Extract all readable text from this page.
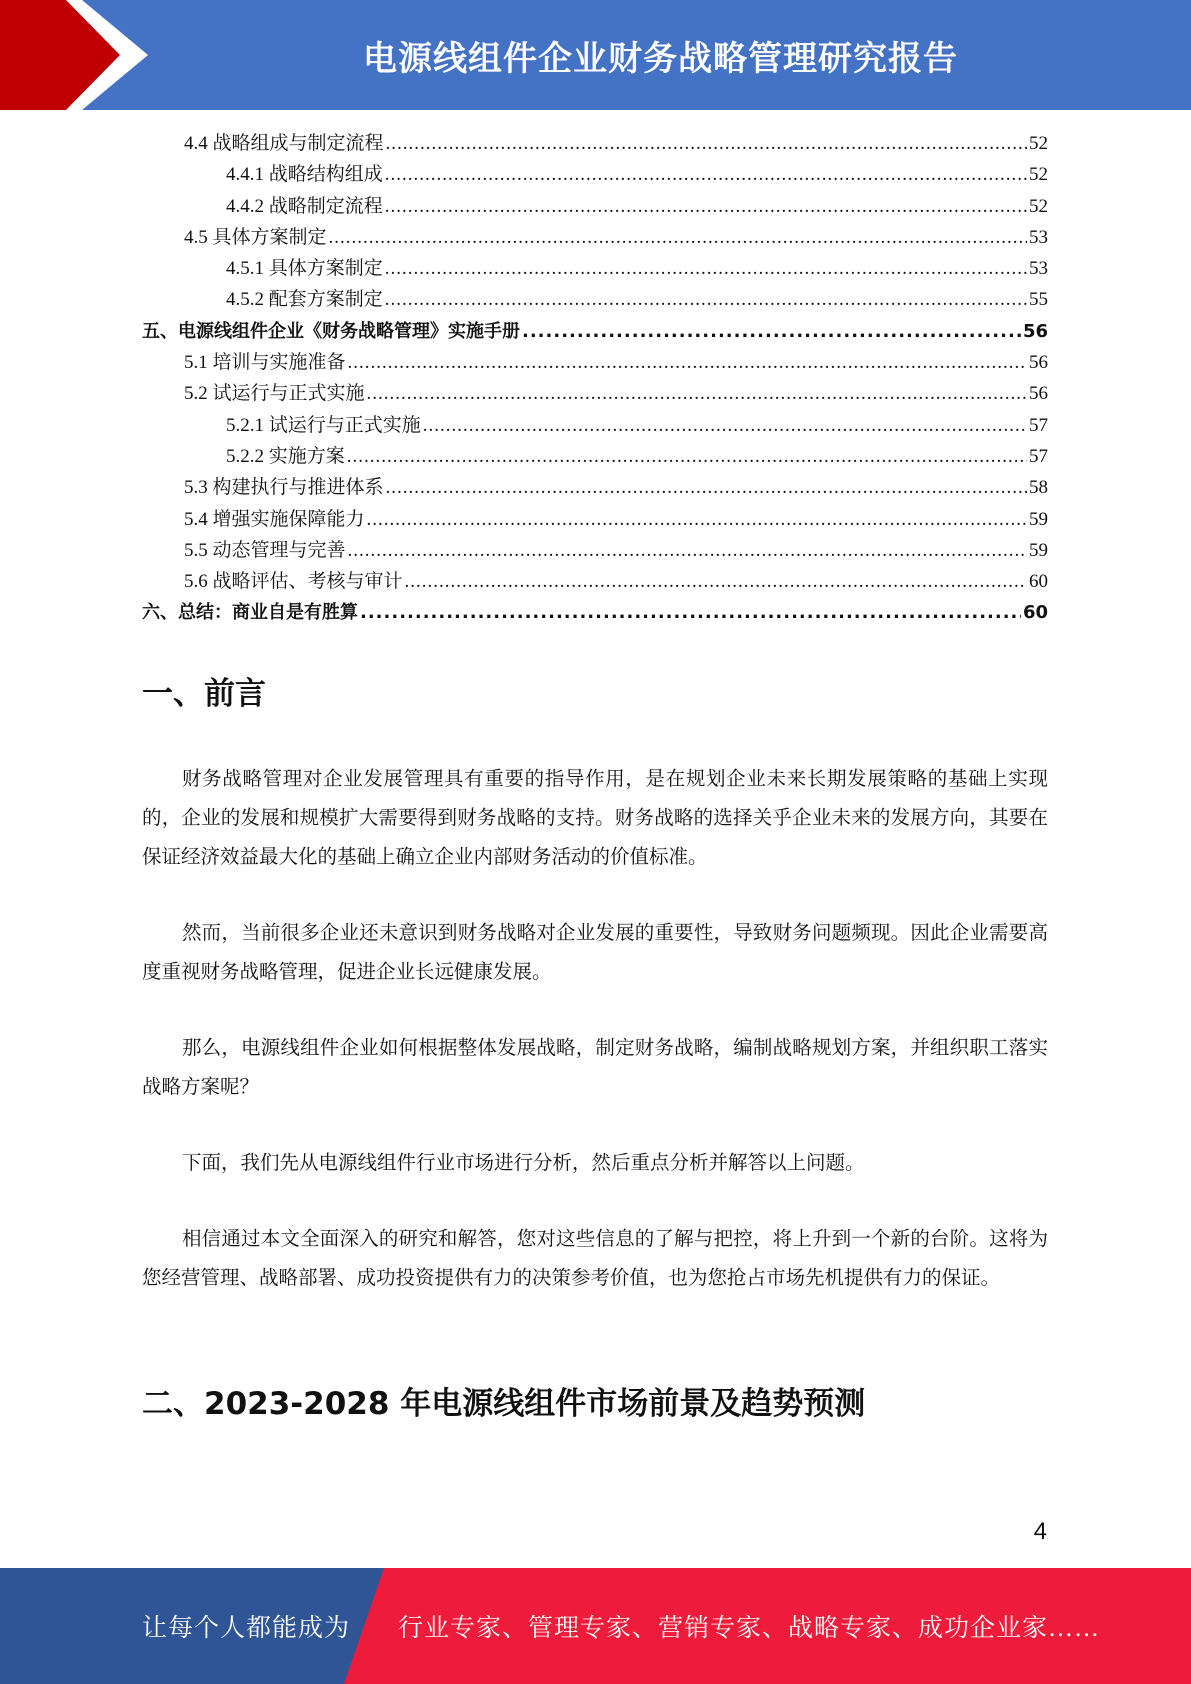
电源线组件企业财务战略管理研究报告
4.4 战略组成与制定流程 .....	52
4.4.1 战略结构组成 .....	52
4.4.2 战略制定流程 .....	52
4.5 具体方案制定 .....	53
4.5.1 具体方案制定 .....	53
4.5.2 配套方案制定 .....	55
五、电源线组件企业《财务战略管理》实施手册 .....	56
5.1 培训与实施准备 .....	56
5.2 试运行与正式实施 .....	56
5.2.1 试运行与正式实施 .....	57
5.2.2 实施方案 .....	57
5.3 构建执行与推进体系 .....	58
5.4 增强实施保障能力 .....	59
5.5 动态管理与完善 .....	59
5.6 战略评估、考核与审计 .....	60
六、总结：商业自是有胜算 .....	60
一、前言

财务战略管理对企业发展管理具有重要的指导作用，是在规划企业未来长期发展策略的基础上实现的，企业的发展和规模扩大需要得到财务战略的支持。财务战略的选择关乎企业未来的发展方向，其要在保证经济效益最大化的基础上确立企业内部财务活动的价值标准。

然而，当前很多企业还未意识到财务战略对企业发展的重要性，导致财务问题频现。因此企业需要高度重视财务战略管理，促进企业长远健康发展。

那么，电源线组件企业如何根据整体发展战略，制定财务战略，编制战略规划方案，并组织职工落实战略方案呢？

下面，我们先从电源线组件行业市场进行分析，然后重点分析并解答以上问题。

相信通过本文全面深入的研究和解答，您对这些信息的了解与把控，将上升到一个新的台阶。这将为您经营管理、战略部署、成功投资提供有力的决策参考价值，也为您抢占市场先机提供有力的保证。

二、2023-2028 年电源线组件市场前景及趋势预测
4
让每个人都能成为 行业专家、管理专家、营销专家、战略专家、成功企业家……
